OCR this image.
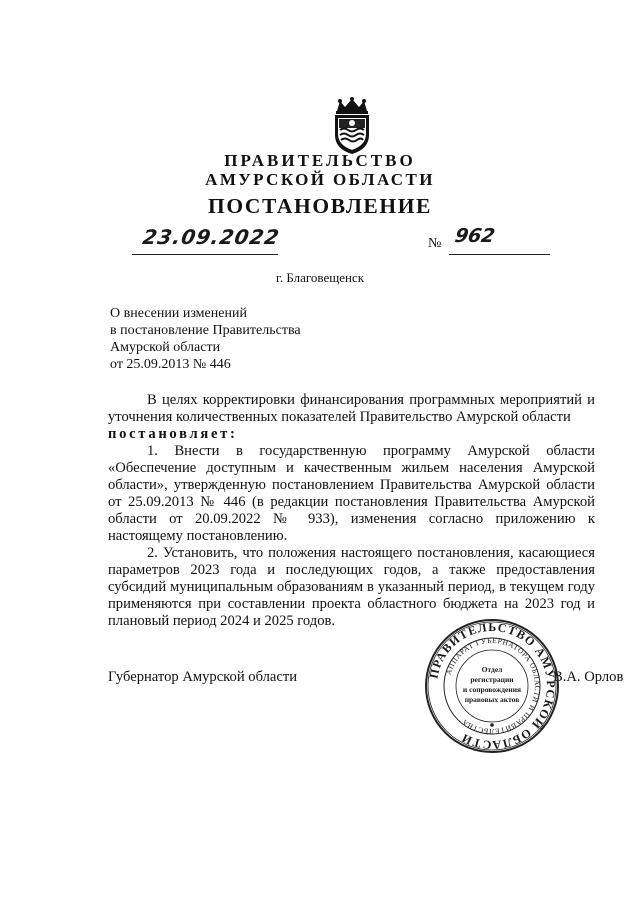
ПРАВИТЕЛЬСТВО
АМУРСКОЙ ОБЛАСТИ
ПОСТАНОВЛЕНИЕ
23.09.2022	№ 962
г. Благовещенск
О внесении изменений
в постановление Правительства
Амурской области
от 25.09.2013 № 446

В целях корректировки финансирования программных мероприятий и уточнения количественных показателей Правительство Амурской области

постановляет:

1. Внести в государственную программу Амурской области «Обеспечение доступным и качественным жильем населения Амурской области», утвержденную постановлением Правительства Амурской области от 25.09.2013 № 446 (в редакции постановления Правительства Амурской области от 20.09.2022 № 933), изменения согласно приложению к настоящему постановлению.

2. Установить, что положения настоящего постановления, касающиеся параметров 2023 года и последующих годов, а также предоставления субсидий муниципальным образованиям в указанный период, в текущем году применяются при составлении проекта областного бюджета на 2023 год и плановый период 2024 и 2025 годов.

Губернатор Амурской области	В.А. Орлов
ПРАВИТЕЛЬСТВО АМУРСКОЙ ОБЛАСТИ
АППАРАТ ГУБЕРНАТОРА ОБЛАСТИ И ПРАВИТЕЛЬСТВА
Отдел
регистрации
и сопровождения
правовых актов
